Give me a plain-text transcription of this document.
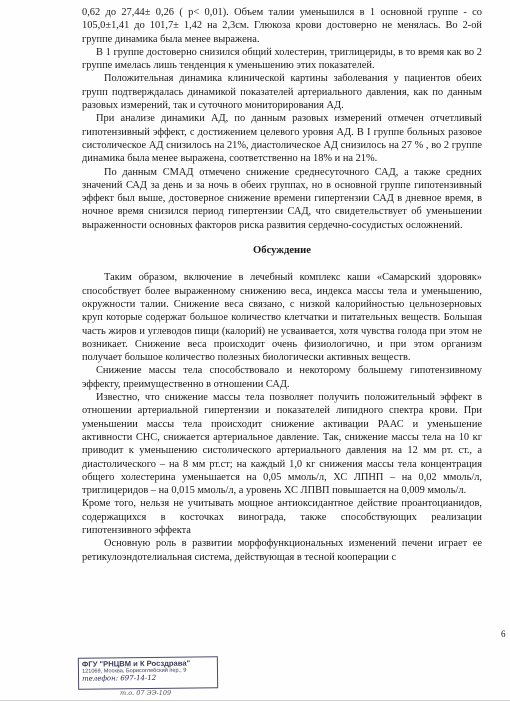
0,62 до 27,44± 0,26 ( p< 0,01). Объем талии уменьшился в 1 основной группе - со 105,0±1,41 до 101,7± 1,42 на 2,3см. Глюкоза крови достоверно не менялась. Во 2-ой группе динамика была менее выражена.

В 1 группе достоверно снизился общий холестерин, триглицериды, в то время как во 2 группе имелась лишь тенденция к уменьшению этих показателей.

Положительная динамика клинической картины заболевания у пациентов обеих групп подтверждалась динамикой показателей артериального давления, как по данным разовых измерений, так и суточного мониторирования АД.

При анализе динамики АД, по данным разовых измерений отмечен отчетливый гипотензивный эффект, с достижением целевого уровня АД. В I группе больных разовое систолическое АД снизилось на 21%, диастолическое АД снизилось на 27 % , во 2 группе динамика была менее выражена, соответственно на 18% и на 21%.

По данным СМАД отмечено снижение среднесуточного САД, а также средних значений САД за день и за ночь в обеих группах, но в основной группе гипотензивный эффект был выше, достоверное снижение времени гипертензии САД в дневное время, в ночное время снизился период гипертензии САД, что свидетельствует об уменьшении выраженности основных факторов риска развития сердечно-сосудистых осложнений.

Обсуждение

Таким образом, включение в лечебный комплекс каши «Самарский здоровяк» способствует более выраженному снижению веса, индекса массы тела и уменьшению, окружности талии. Снижение веса связано, с низкой калорийностью цельнозерновых круп которые содержат большое количество клетчатки и питательных веществ. Большая часть жиров и углеводов пищи (калорий) не усваивается, хотя чувства голода при этом не возникает. Снижение веса происходит очень физиологично, и при этом организм получает большое количество полезных биологически активных веществ.

Снижение массы тела способствовало и некоторому большему гипотензивному эффекту, преимущественно в отношении САД.

Известно, что снижение массы тела позволяет получить положительный эффект в отношении артериальной гипертензии и показателей липидного спектра крови. При уменьшении массы тела происходит снижение активации РААС и уменьшение активности СНС, снижается артериальное давление. Так, снижение массы тела на 10 кг приводит к уменьшению систолического артериального давления на 12 мм рт. ст., а диастолического – на 8 мм рт.ст; на каждый 1,0 кг снижения массы тела концентрация общего холестерина уменьшается на 0,05 ммоль/л, ХС ЛПНП – на 0,02 ммоль/л, триглицеридов – на 0,015 ммоль/л, а уровень ХС ЛПВП повышается на 0,009 ммоль/л.

Кроме того, нельзя не учитывать мощное антиоксидантное действие проантоцианидов, содержащихся в косточках винограда, также способствующих реализации гипотензивного эффекта

Основную роль в развитии морфофункциональных изменений печени играет ее ретикулоэндотелиальная система, действующая в тесной кооперации с

6
ФГУ "РНЦВМ и К Росздрава"
121069, Москва, Борисоглебский пер., 9
телефон: 697-14-12
т.о. 07 ЭЭ-109
